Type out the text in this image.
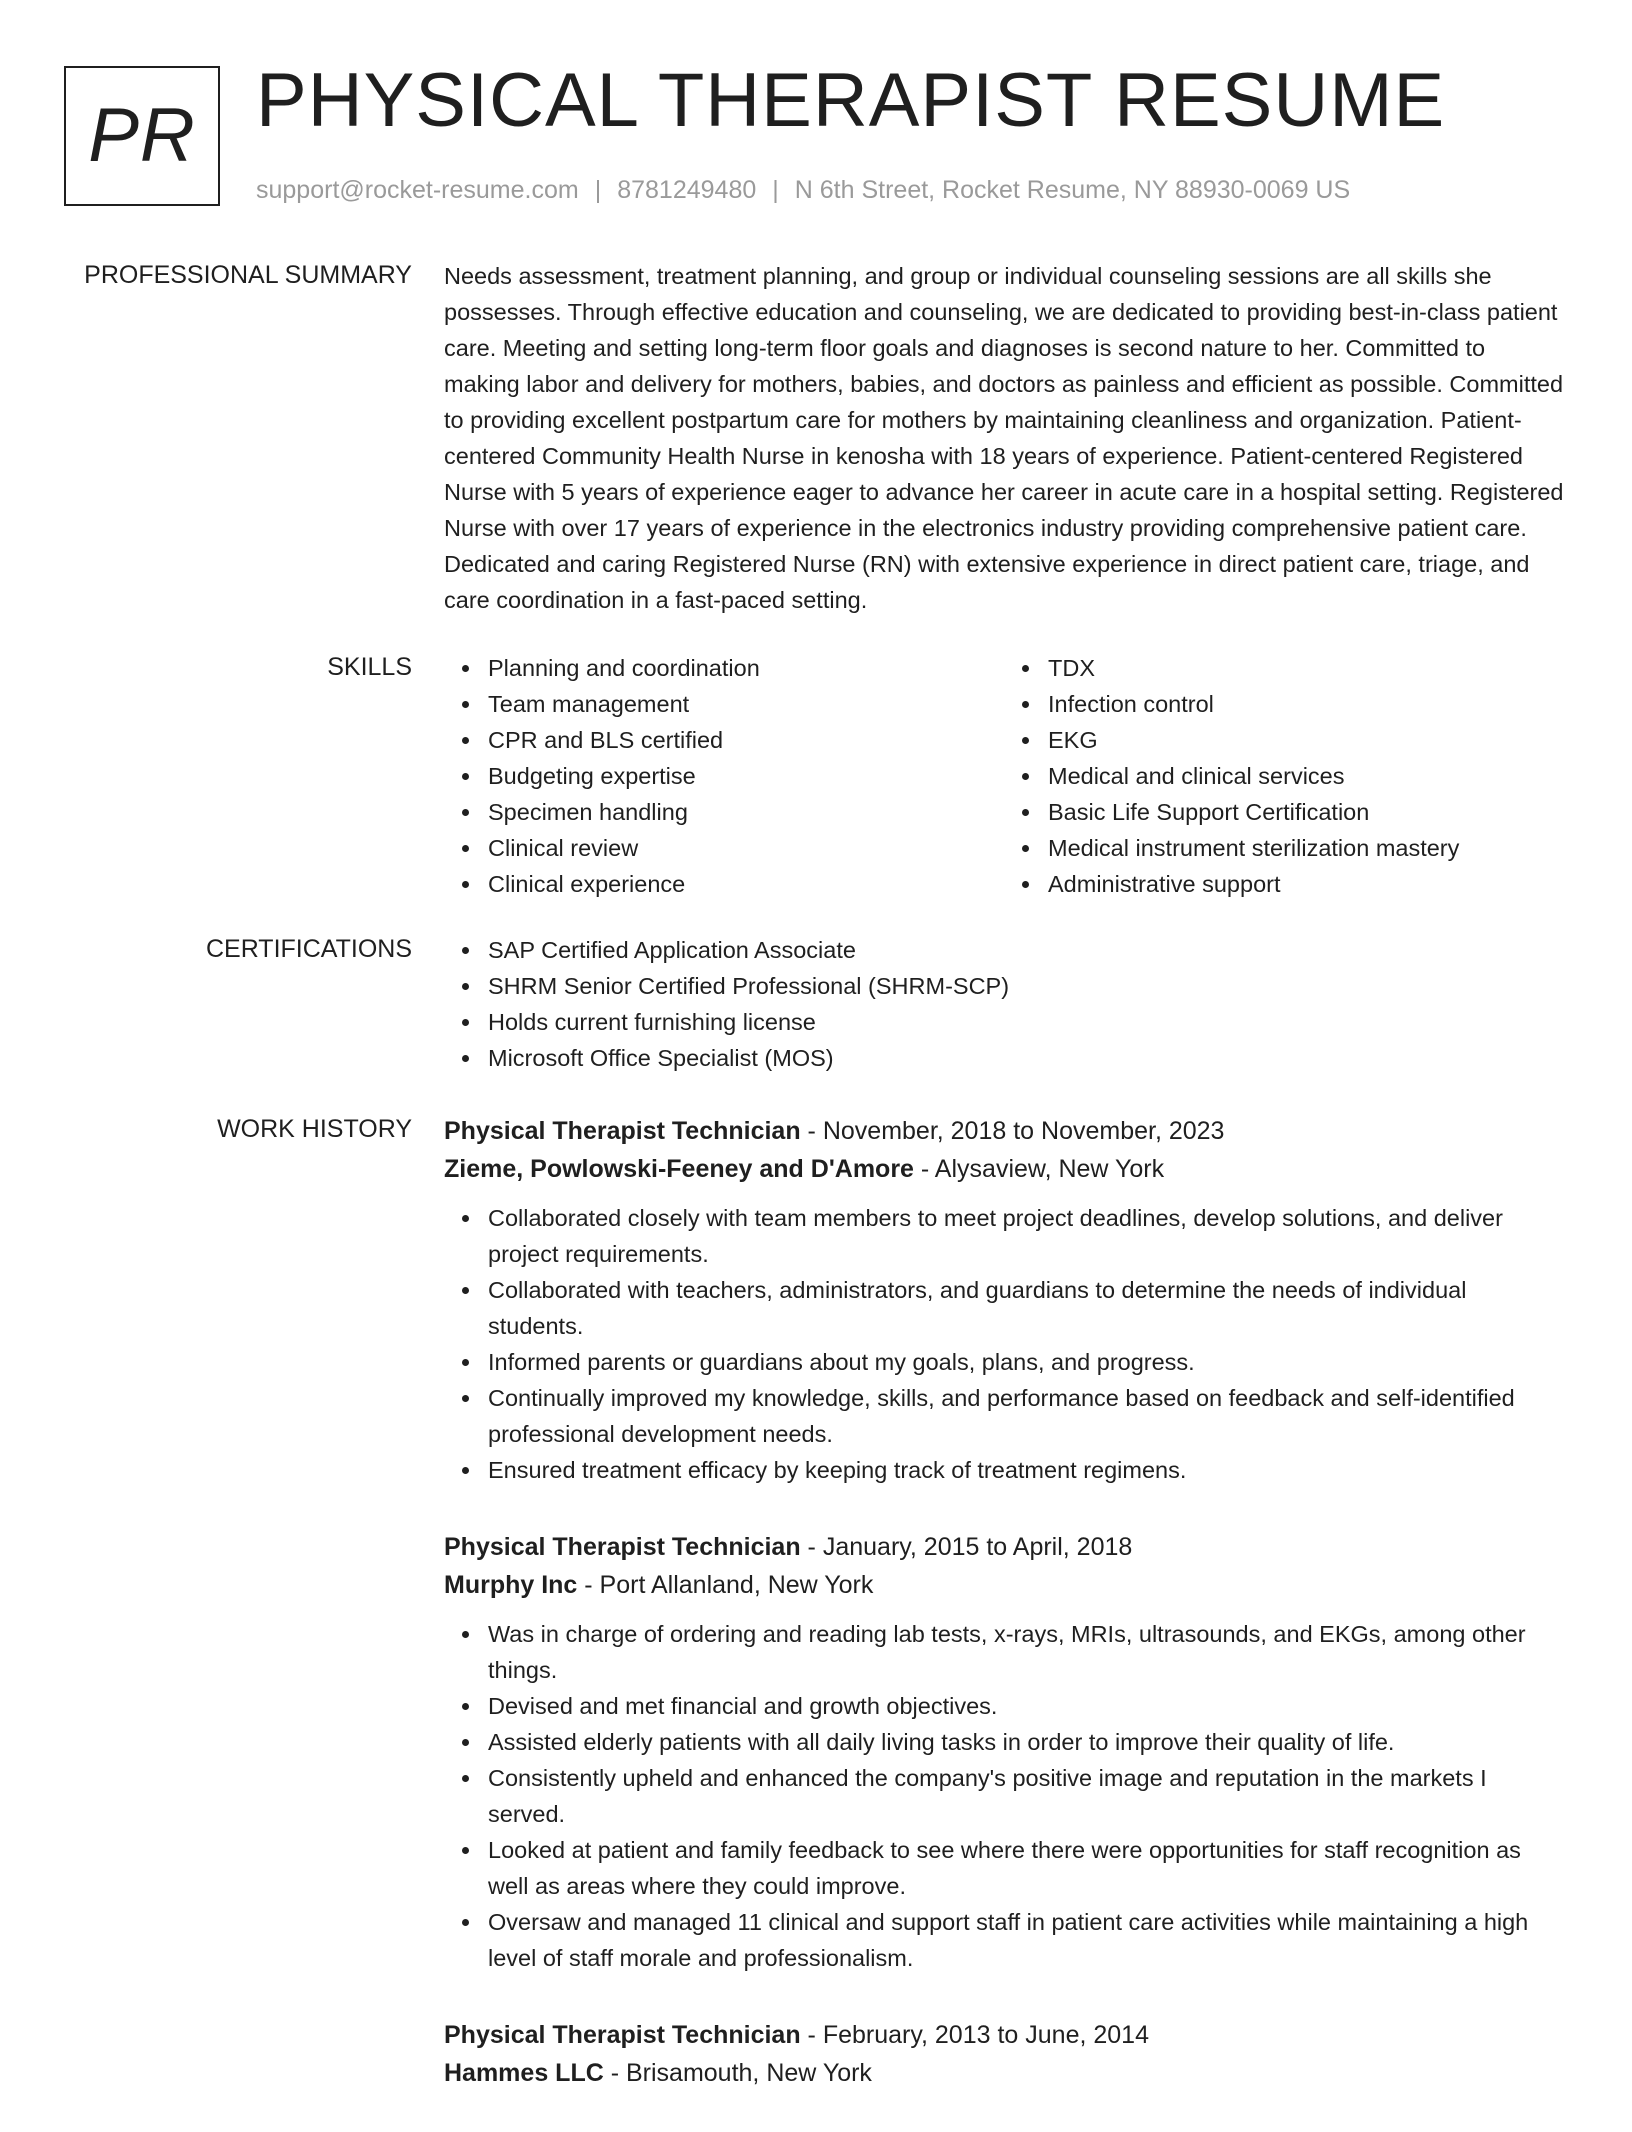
PR PHYSICAL THERAPIST RESUME
support@rocket-resume.com | 8781249480 | N 6th Street, Rocket Resume, NY 88930-0069 US
PROFESSIONAL SUMMARY Needs assessment, treatment planning, and group or individual counseling sessions are all skills she possesses. Through effective education and counseling, we are dedicated to providing best-in-class patient care. Meeting and setting long-term floor goals and diagnoses is second nature to her. Committed to making labor and delivery for mothers, babies, and doctors as painless and efficient as possible. Committed to providing excellent postpartum care for mothers by maintaining cleanliness and organization. Patient-centered Community Health Nurse in kenosha with 18 years of experience. Patient-centered Registered Nurse with 5 years of experience eager to advance her career in acute care in a hospital setting. Registered Nurse with over 17 years of experience in the electronics industry providing comprehensive patient care. Dedicated and caring Registered Nurse (RN) with extensive experience in direct patient care, triage, and care coordination in a fast-paced setting.

SKILLS	Planning and coordination
Team management
CPR and BLS certified
Budgeting expertise
Specimen handling
Clinical review
Clinical experience
TDX
Infection control
EKG
Medical and clinical services
Basic Life Support Certification
Medical instrument sterilization mastery
Administrative support
CERTIFICATIONS	SAP Certified Application Associate
SHRM Senior Certified Professional (SHRM-SCP)
Holds current furnishing license
Microsoft Office Specialist (MOS)
WORK HISTORY Physical Therapist Technician - November, 2018 to November, 2023
Zieme, Powlowski-Feeney and D'Amore - Alysaview, New York
Collaborated closely with team members to meet project deadlines, develop solutions, and deliver project requirements.
Collaborated with teachers, administrators, and guardians to determine the needs of individual students.
Informed parents or guardians about my goals, plans, and progress.
Continually improved my knowledge, skills, and performance based on feedback and self-identified professional development needs.
Ensured treatment efficacy by keeping track of treatment regimens.
Physical Therapist Technician - January, 2015 to April, 2018
Murphy Inc - Port Allanland, New York
Was in charge of ordering and reading lab tests, x-rays, MRIs, ultrasounds, and EKGs, among other things.
Devised and met financial and growth objectives.
Assisted elderly patients with all daily living tasks in order to improve their quality of life.
Consistently upheld and enhanced the company's positive image and reputation in the markets I served.
Looked at patient and family feedback to see where there were opportunities for staff recognition as well as areas where they could improve.
Oversaw and managed 11 clinical and support staff in patient care activities while maintaining a high level of staff morale and professionalism.
Physical Therapist Technician - February, 2013 to June, 2014
Hammes LLC - Brisamouth, New York
